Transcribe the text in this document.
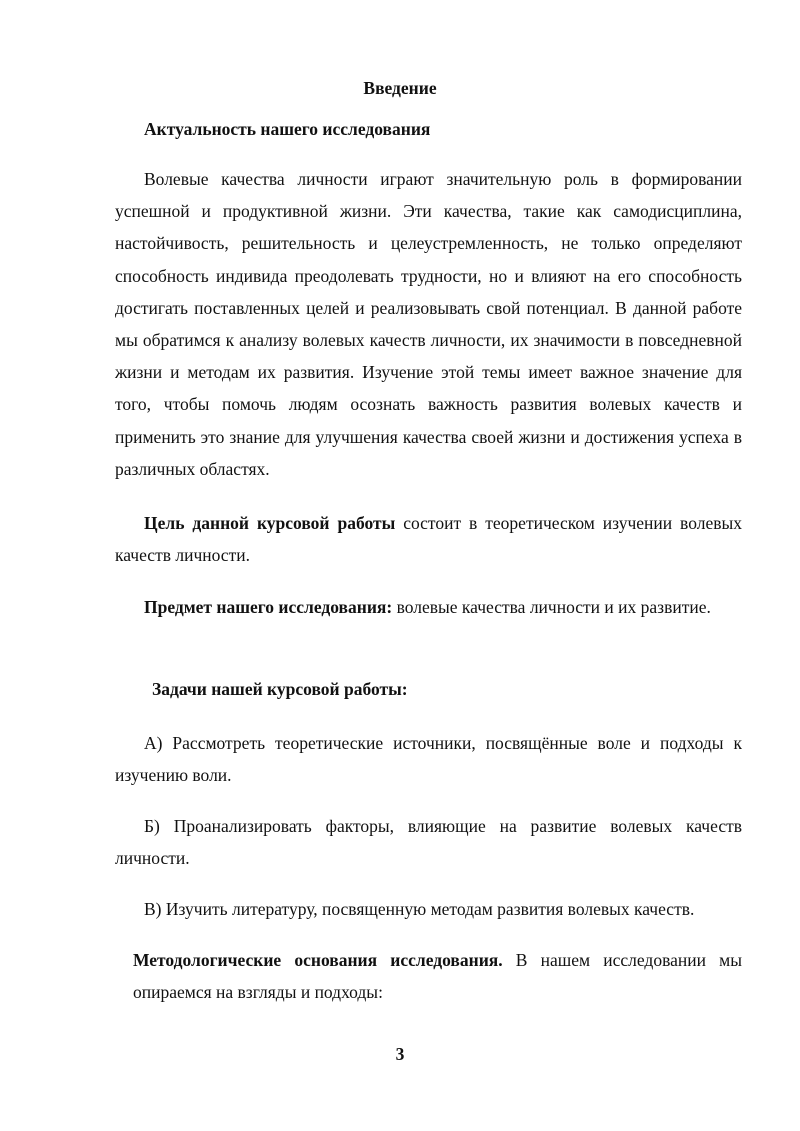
Введение

Актуальность нашего исследования

Волевые качества личности играют значительную роль в формировании успешной и продуктивной жизни. Эти качества, такие как самодисциплина, настойчивость, решительность и целеустремленность, не только определяют способность индивида преодолевать трудности, но и влияют на его способность достигать поставленных целей и реализовывать свой потенциал. В данной работе мы обратимся к анализу волевых качеств личности, их значимости в повседневной жизни и методам их развития. Изучение этой темы имеет важное значение для того, чтобы помочь людям осознать важность развития волевых качеств и применить это знание для улучшения качества своей жизни и достижения успеха в различных областях.

Цель данной курсовой работы состоит в теоретическом изучении волевых качеств личности.

Предмет нашего исследования: волевые качества личности и их развитие.

Задачи нашей курсовой работы:

А) Рассмотреть теоретические источники, посвящённые воле и подходы к изучению воли.

Б) Проанализировать факторы, влияющие на развитие волевых качеств личности.

В) Изучить литературу, посвященную методам развития волевых качеств.

Методологические основания исследования. В нашем исследовании мы опираемся на взгляды и подходы:

3
